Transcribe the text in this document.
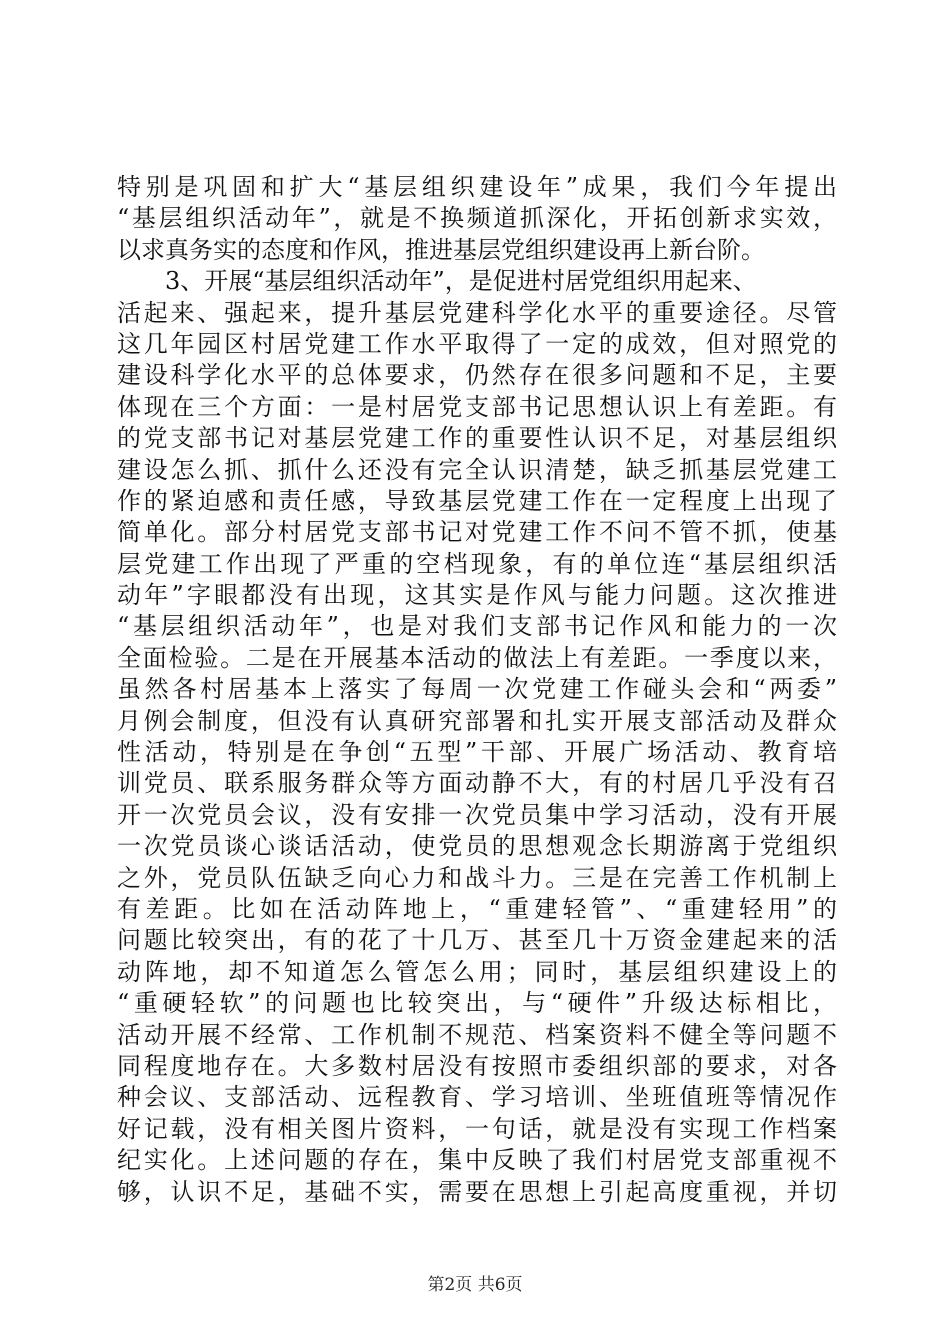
特别是巩固和扩大“基层组织建设年”成果，我们今年提出
“基层组织活动年”，就是不换频道抓深化，开拓创新求实效，
以求真务实的态度和作风，推进基层党组织建设再上新台阶。
3、开展“基层组织活动年”，是促进村居党组织用起来、
活起来、强起来，提升基层党建科学化水平的重要途径。尽管
这几年园区村居党建工作水平取得了一定的成效，但对照党的
建设科学化水平的总体要求，仍然存在很多问题和不足，主要
体现在三个方面：一是村居党支部书记思想认识上有差距。有
的党支部书记对基层党建工作的重要性认识不足，对基层组织
建设怎么抓、抓什么还没有完全认识清楚，缺乏抓基层党建工
作的紧迫感和责任感，导致基层党建工作在一定程度上出现了
简单化。部分村居党支部书记对党建工作不问不管不抓，使基
层党建工作出现了严重的空档现象，有的单位连“基层组织活
动年”字眼都没有出现，这其实是作风与能力问题。这次推进
“基层组织活动年”，也是对我们支部书记作风和能力的一次
全面检验。二是在开展基本活动的做法上有差距。一季度以来，
虽然各村居基本上落实了每周一次党建工作碰头会和“两委”
月例会制度，但没有认真研究部署和扎实开展支部活动及群众
性活动，特别是在争创“五型”干部、开展广场活动、教育培
训党员、联系服务群众等方面动静不大，有的村居几乎没有召
开一次党员会议，没有安排一次党员集中学习活动，没有开展
一次党员谈心谈话活动，使党员的思想观念长期游离于党组织
之外，党员队伍缺乏向心力和战斗力。三是在完善工作机制上
有差距。比如在活动阵地上，“重建轻管”、“重建轻用”的
问题比较突出，有的花了十几万、甚至几十万资金建起来的活
动阵地，却不知道怎么管怎么用；同时，基层组织建设上的
“重硬轻软”的问题也比较突出，与“硬件”升级达标相比，
活动开展不经常、工作机制不规范、档案资料不健全等问题不
同程度地存在。大多数村居没有按照市委组织部的要求，对各
种会议、支部活动、远程教育、学习培训、坐班值班等情况作
好记载，没有相关图片资料，一句话，就是没有实现工作档案
纪实化。上述问题的存在，集中反映了我们村居党支部重视不
够，认识不足，基础不实，需要在思想上引起高度重视，并切
第2页 共6页
